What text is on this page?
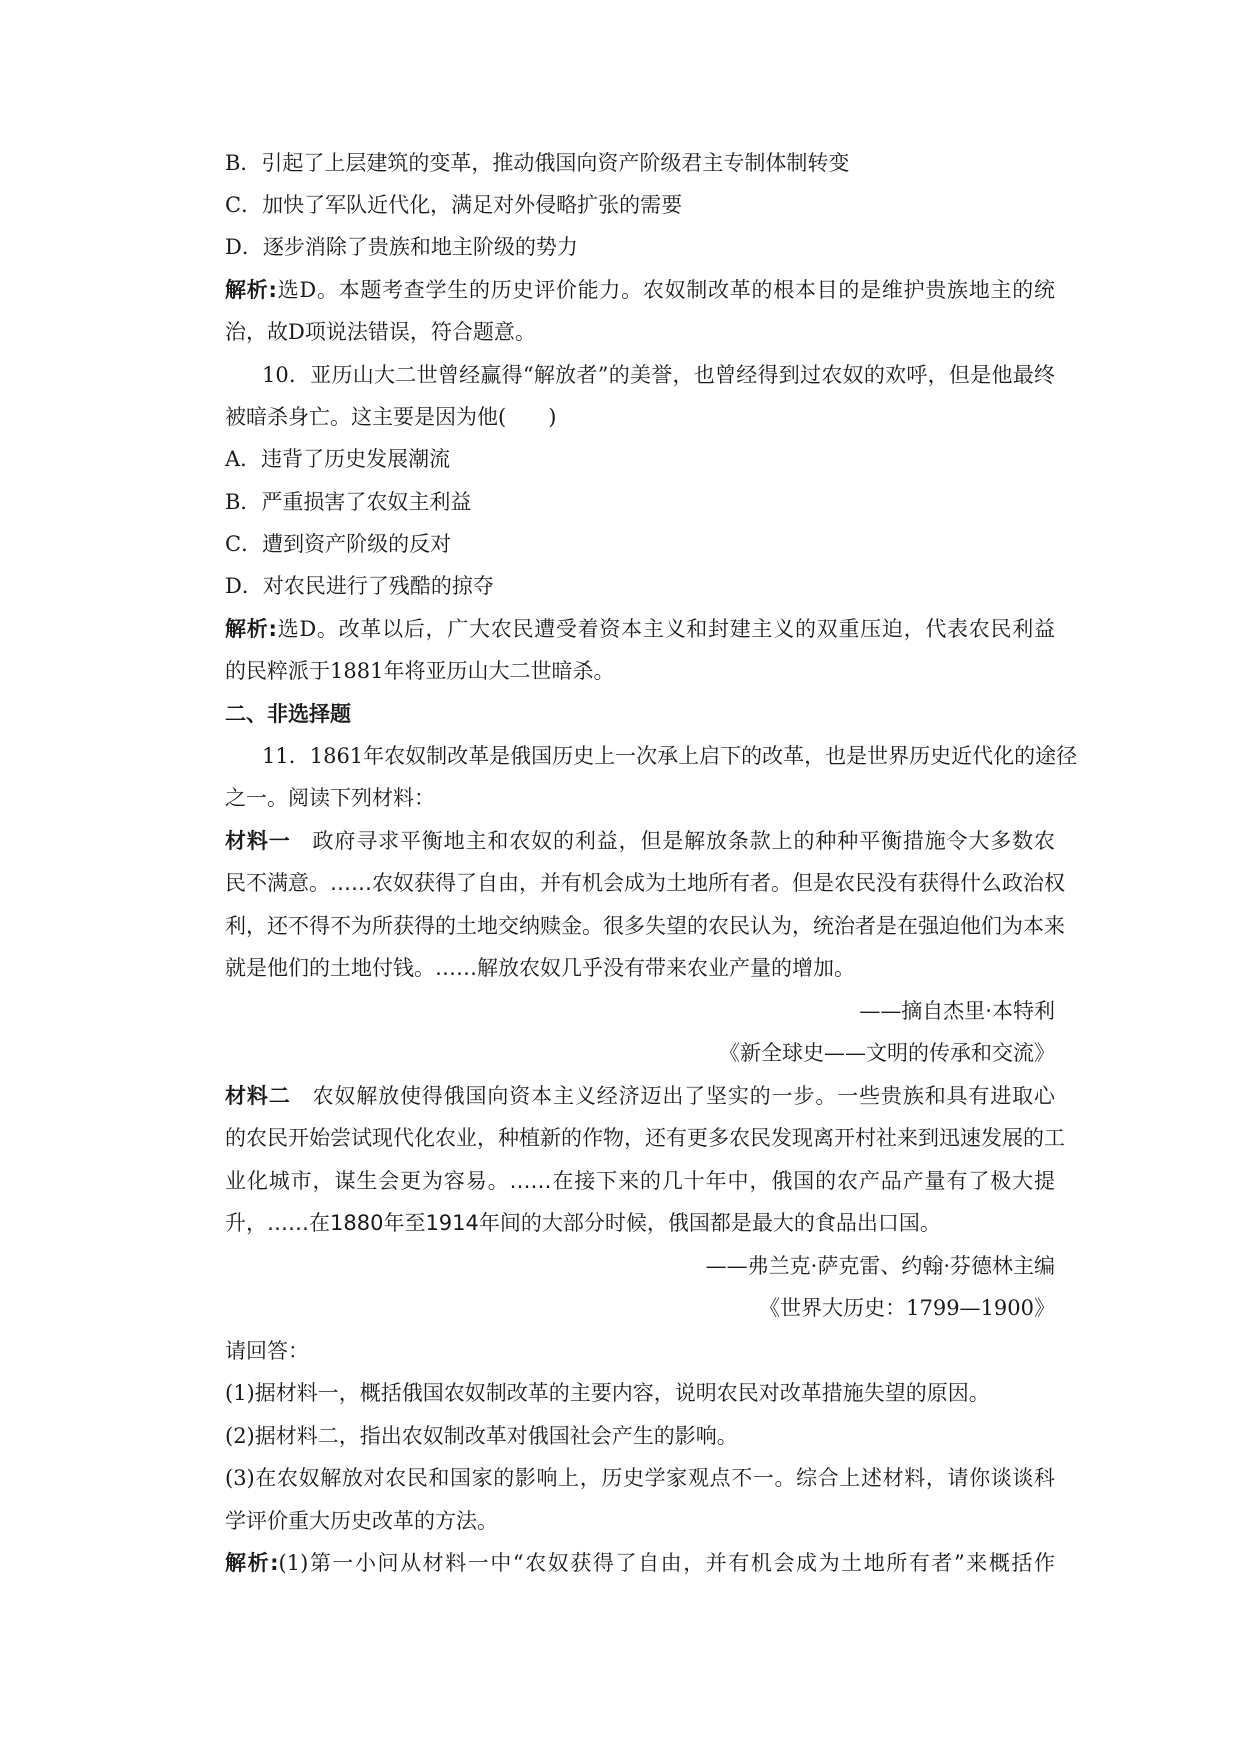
B．引起了上层建筑的变革，推动俄国向资产阶级君主专制体制转变
C．加快了军队近代化，满足对外侵略扩张的需要
D．逐步消除了贵族和地主阶级的势力
解析:选D。本题考查学生的历史评价能力。农奴制改革的根本目的是维护贵族地主的统
治，故D项说法错误，符合题意。
10．亚历山大二世曾经赢得“解放者”的美誉，也曾经得到过农奴的欢呼，但是他最终
被暗杀身亡。这主要是因为他(　　)
A．违背了历史发展潮流
B．严重损害了农奴主利益
C．遭到资产阶级的反对
D．对农民进行了残酷的掠夺
解析:选D。改革以后，广大农民遭受着资本主义和封建主义的双重压迫，代表农民利益
的民粹派于1881年将亚历山大二世暗杀。
二、非选择题
11．1861年农奴制改革是俄国历史上一次承上启下的改革，也是世界历史近代化的途径
之一。阅读下列材料：
材料一　 政府寻求平衡地主和农奴的利益，但是解放条款上的种种平衡措施令大多数农
民不满意。……农奴获得了自由，并有机会成为土地所有者。但是农民没有获得什么政治权
利，还不得不为所获得的土地交纳赎金。很多失望的农民认为，统治者是在强迫他们为本来
就是他们的土地付钱。……解放农奴几乎没有带来农业产量的增加。
——摘自杰里·本特利
《新全球史——文明的传承和交流》
材料二　 农奴解放使得俄国向资本主义经济迈出了坚实的一步。一些贵族和具有进取心
的农民开始尝试现代化农业，种植新的作物，还有更多农民发现离开村社来到迅速发展的工
业化城市，谋生会更为容易。……在接下来的几十年中，俄国的农产品产量有了极大提
升，……在1880年至1914年间的大部分时候，俄国都是最大的食品出口国。
——弗兰克·萨克雷、约翰·芬德林主编
《世界大历史：1799—1900》
请回答：
(1)据材料一，概括俄国农奴制改革的主要内容，说明农民对改革措施失望的原因。
(2)据材料二，指出农奴制改革对俄国社会产生的影响。
(3)在农奴解放对农民和国家的影响上，历史学家观点不一。综合上述材料，请你谈谈科
学评价重大历史改革的方法。
解析:(1)第一小问从材料一中“农奴获得了自由，并有机会成为土地所有者”来概括作
